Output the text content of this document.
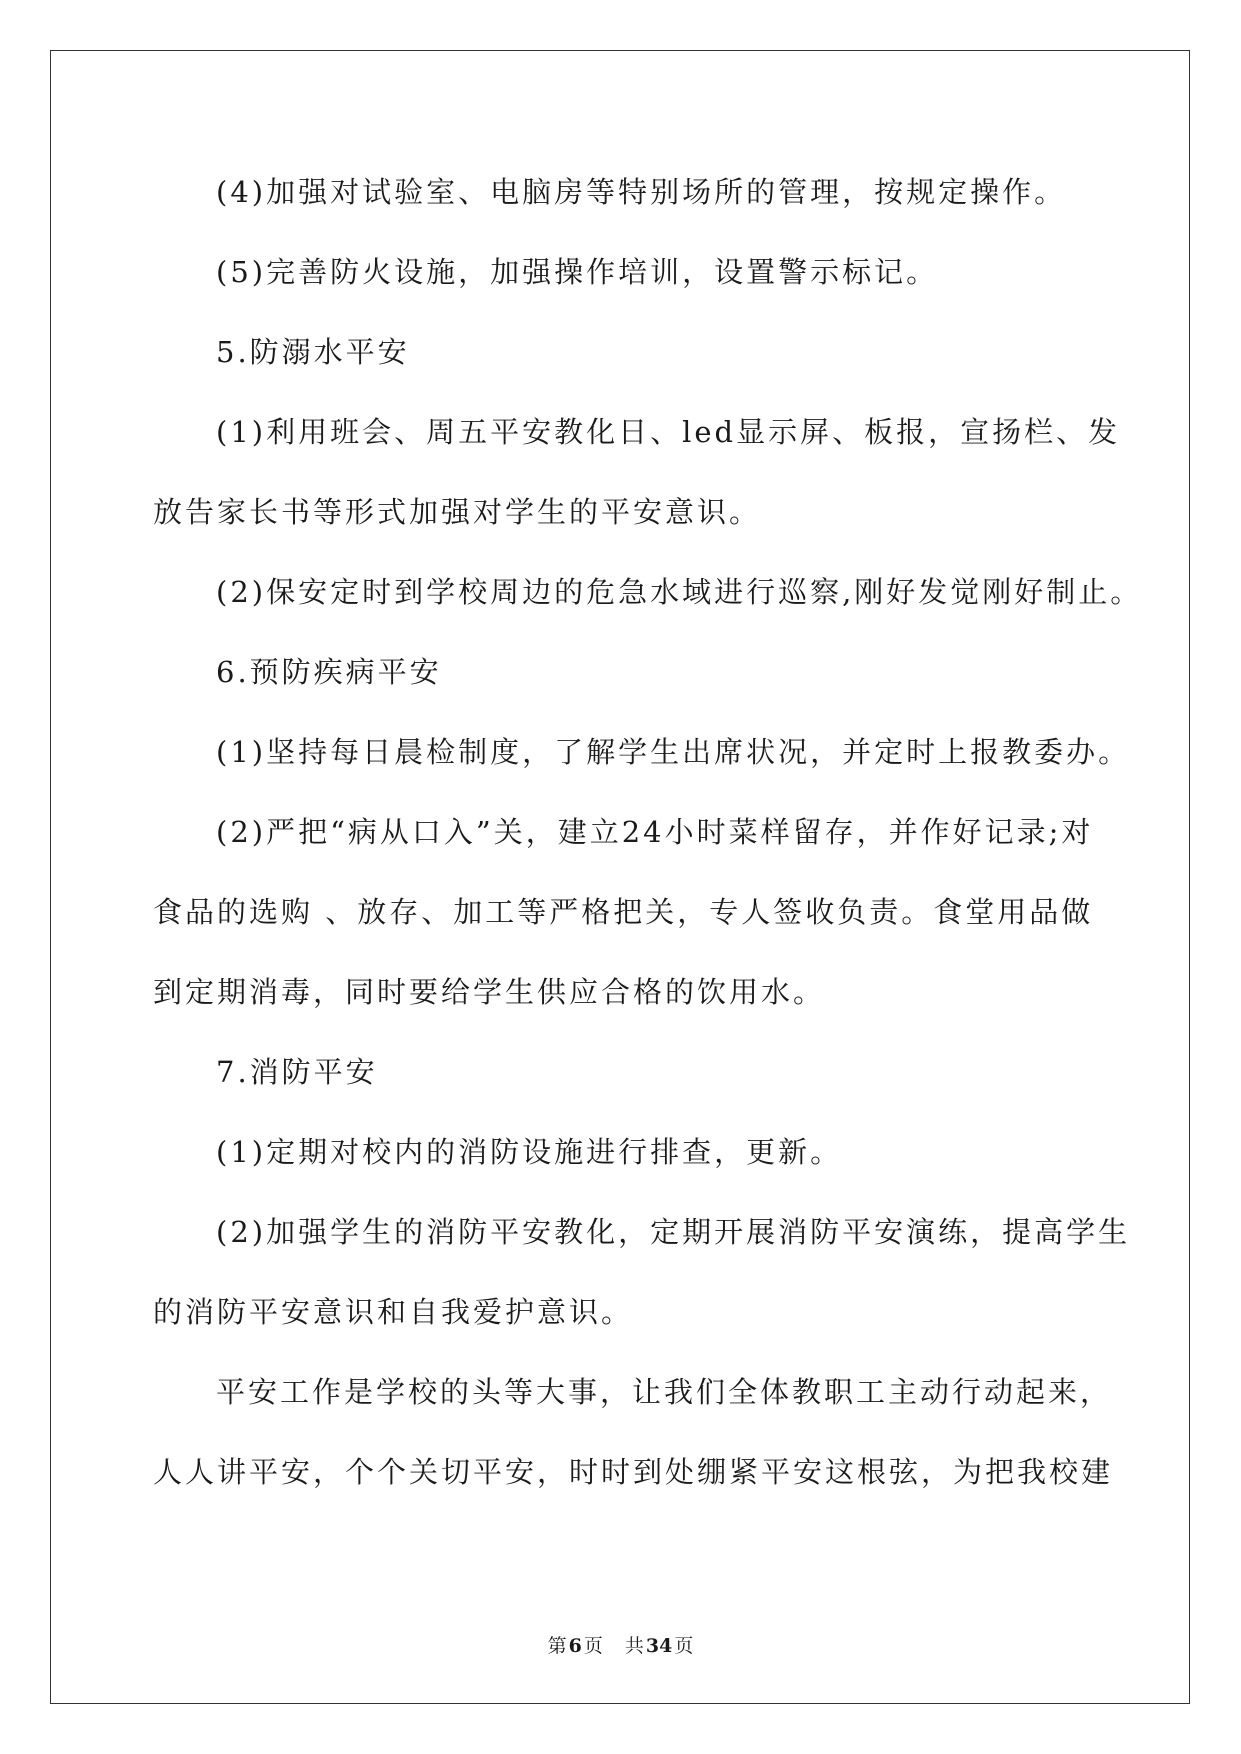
(4)加强对试验室、电脑房等特别场所的管理，按规定操作。

(5)完善防火设施，加强操作培训，设置警示标记。

5.防溺水平安

(1)利用班会、周五平安教化日、led显示屏、板报，宣扬栏、发

放告家长书等形式加强对学生的平安意识。

(2)保安定时到学校周边的危急水域进行巡察,刚好发觉刚好制止。

6.预防疾病平安

(1)坚持每日晨检制度，了解学生出席状况，并定时上报教委办。

(2)严把“病从口入”关，建立24小时菜样留存，并作好记录;对

食品的选购 、放存、加工等严格把关，专人签收负责。食堂用品做

到定期消毒，同时要给学生供应合格的饮用水。

7.消防平安

(1)定期对校内的消防设施进行排查，更新。

(2)加强学生的消防平安教化，定期开展消防平安演练，提高学生

的消防平安意识和自我爱护意识。

平安工作是学校的头等大事，让我们全体教职工主动行动起来，

人人讲平安，个个关切平安，时时到处绷紧平安这根弦，为把我校建

第 6 页 共 34 页
